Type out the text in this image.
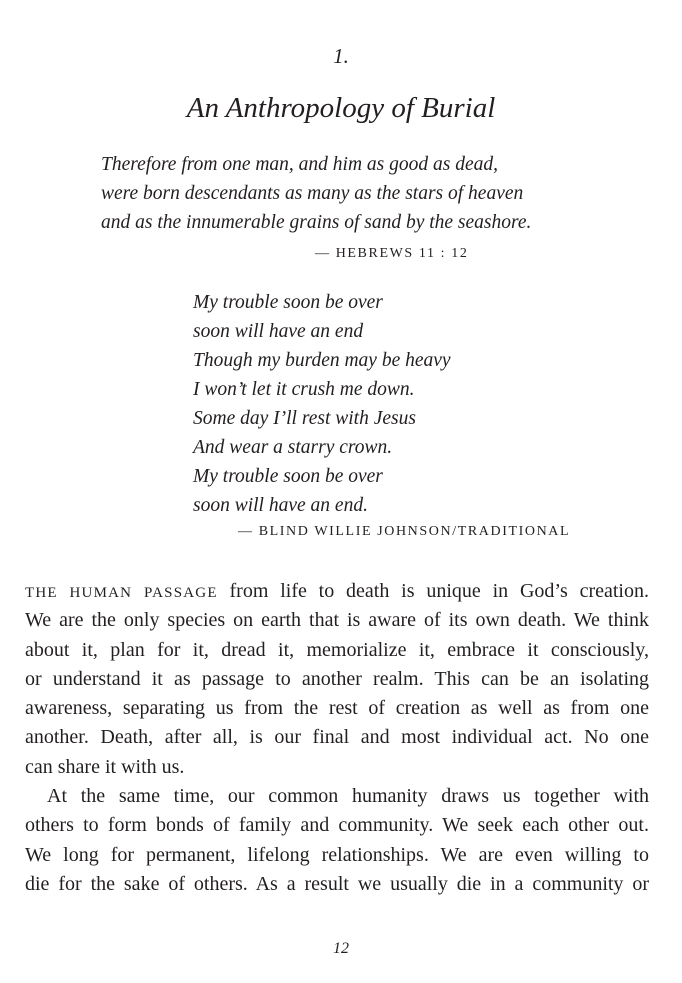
1.
An Anthropology of Burial
Therefore from one man, and him as good as dead,
were born descendants as many as the stars of heaven
and as the innumerable grains of sand by the seashore.
— HEBREWS 11 : 12
My trouble soon be over
soon will have an end
Though my burden may be heavy
I won’t let it crush me down.
Some day I’ll rest with Jesus
And wear a starry crown.
My trouble soon be over
soon will have an end.
— BLIND WILLIE JOHNSON/TRADITIONAL
THE HUMAN PASSAGE from life to death is unique in God’s creation.
We are the only species on earth that is aware of its own death. We think
about it, plan for it, dread it, memorialize it, embrace it consciously,
or understand it as passage to another realm. This can be an isolating
awareness, separating us from the rest of creation as well as from one
another. Death, after all, is our final and most individual act. No one
can share it with us.
At the same time, our common humanity draws us together with
others to form bonds of family and community. We seek each other out.
We long for permanent, lifelong relationships. We are even willing to
die for the sake of others. As a result we usually die in a community or
12
